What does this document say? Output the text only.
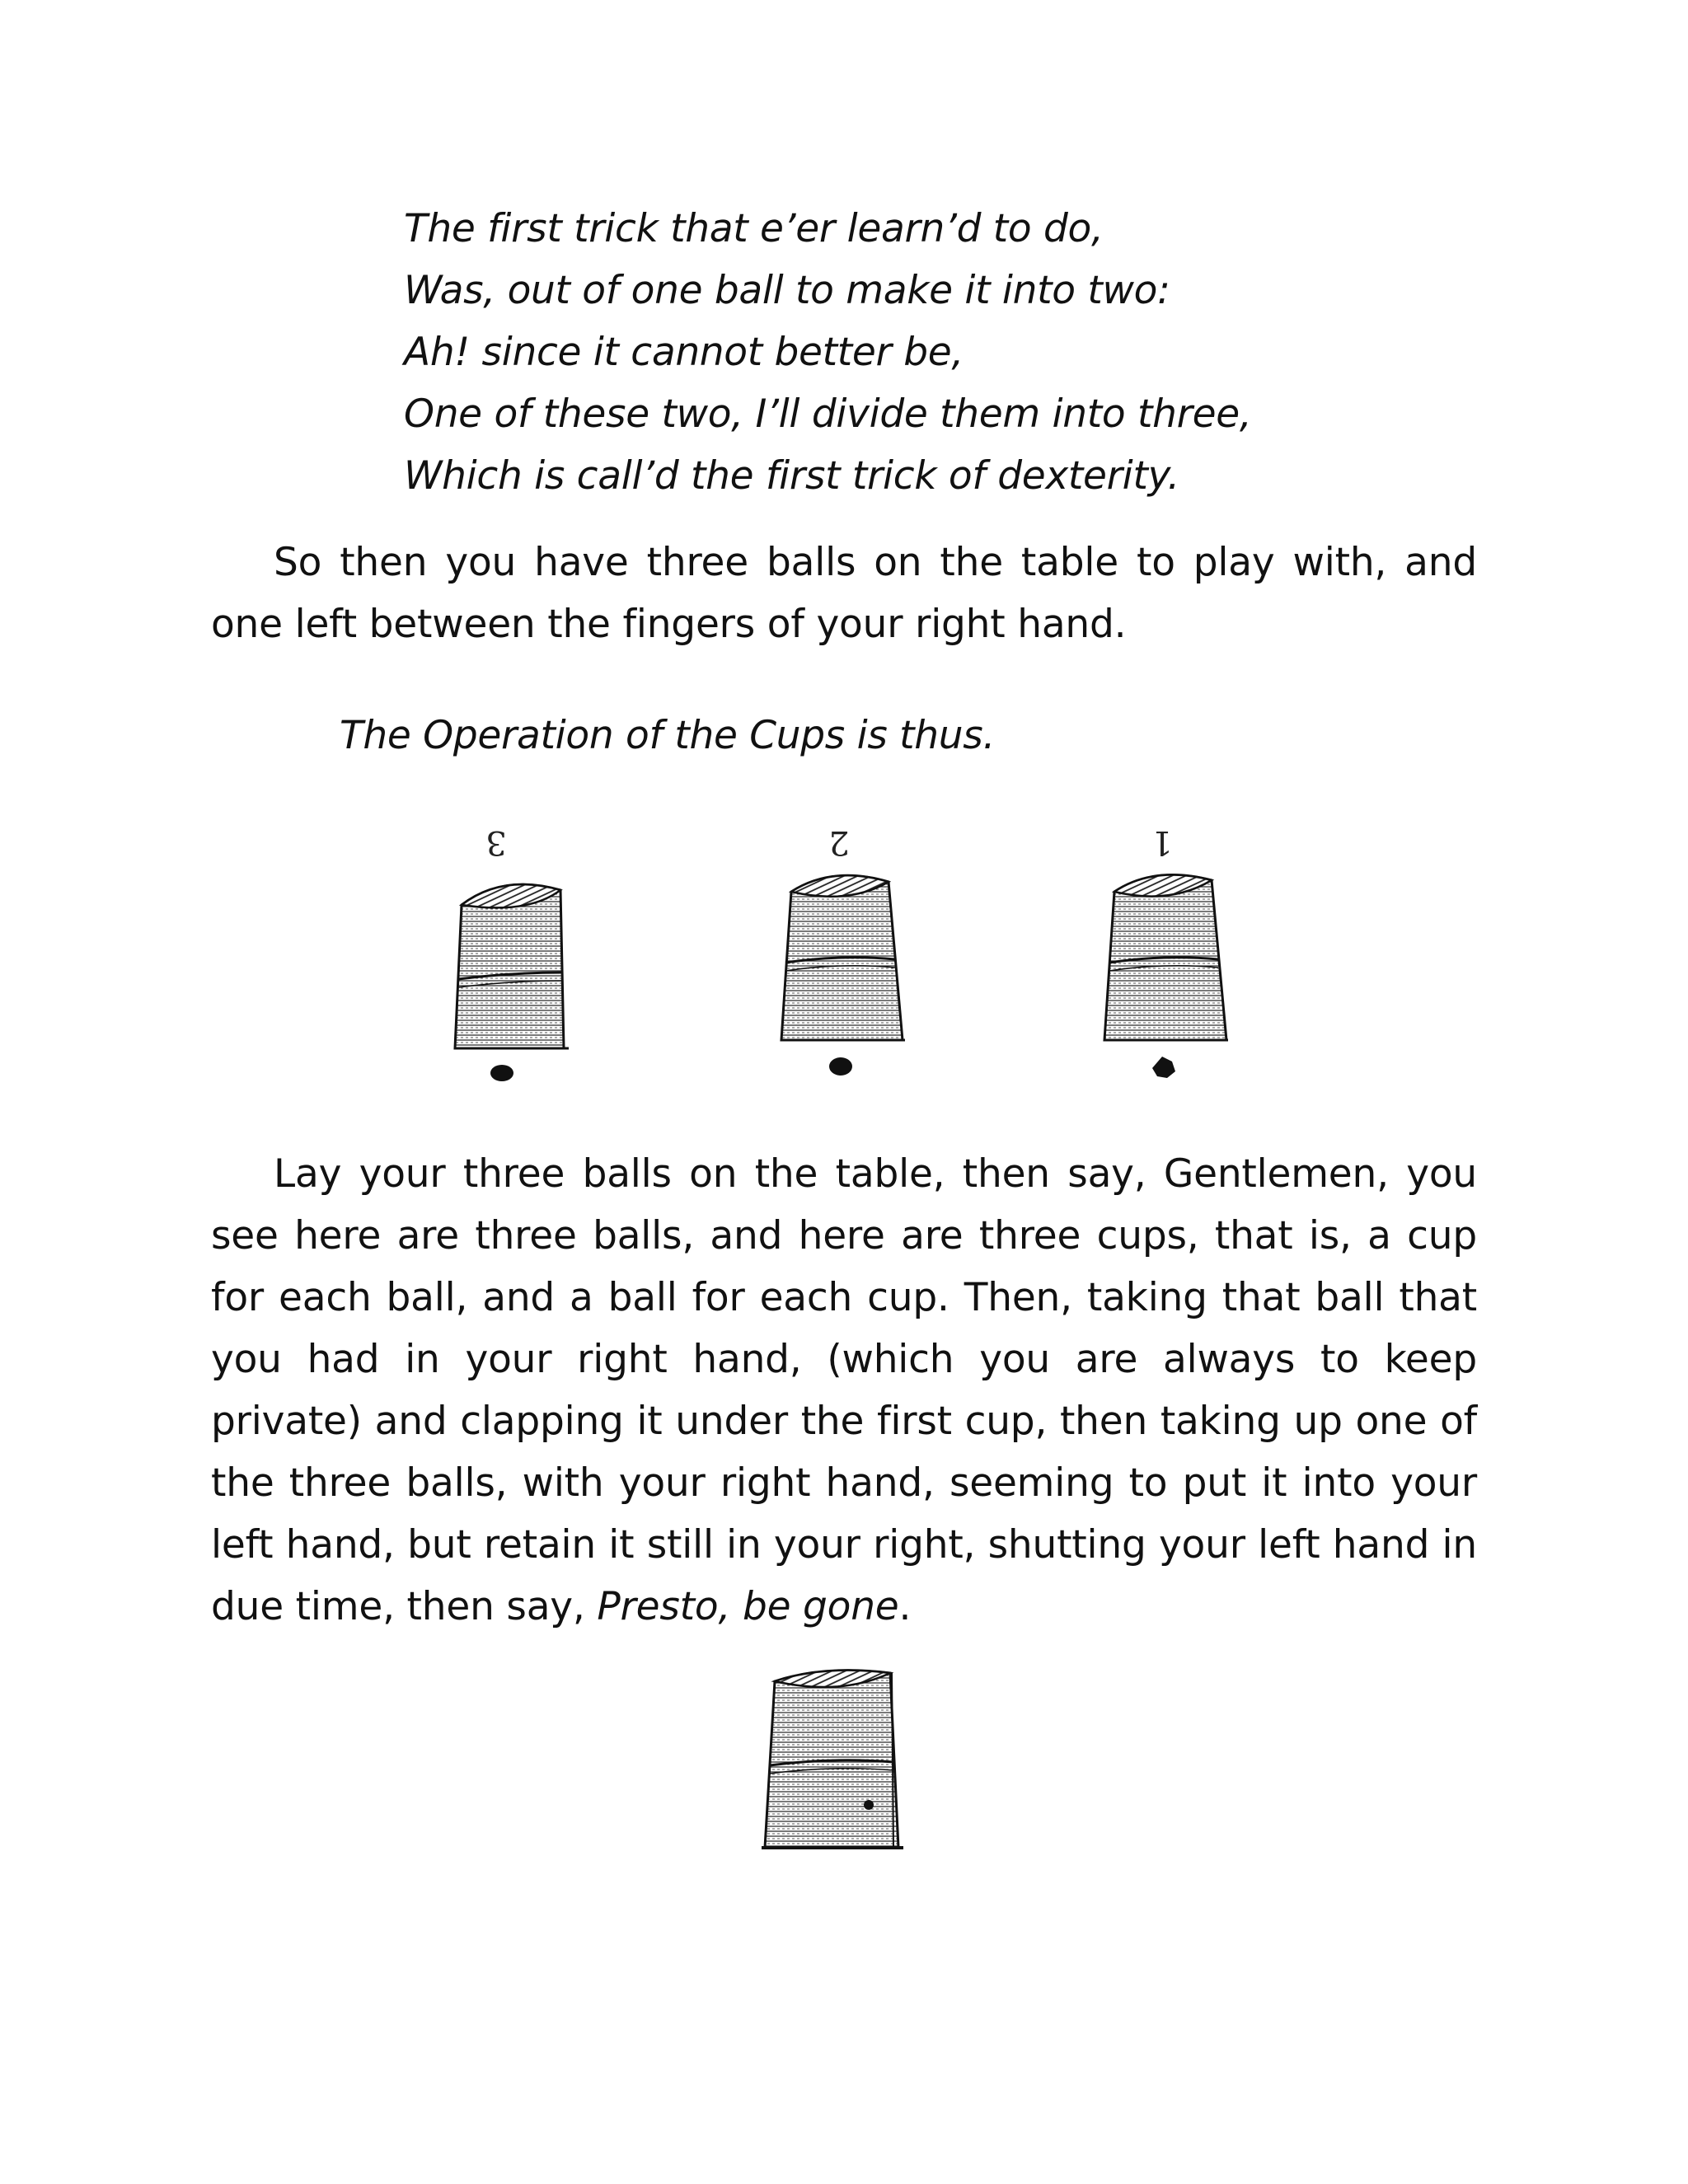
The first trick that e’er learn’d to do,
Was, out of one ball to make it into two:
Ah! since it cannot better be,
One of these two, I’ll divide them into three,
Which is call’d the first trick of dexterity.
So then you have three balls on the table to play with, and one left between the fingers of your right hand.
The Operation of the Cups is thus.
3	2	1
Lay your three balls on the table, then say, Gentlemen, you see here are three balls, and here are three cups, that is, a cup for each ball, and a ball for each cup. Then, taking that ball that you had in your right hand, (which you are always to keep private) and clapping it under the first cup, then taking up one of the three balls, with your right hand, seeming to put it into your left hand, but retain it still in your right, shutting your left hand in due time, then say, Presto, be gone.
